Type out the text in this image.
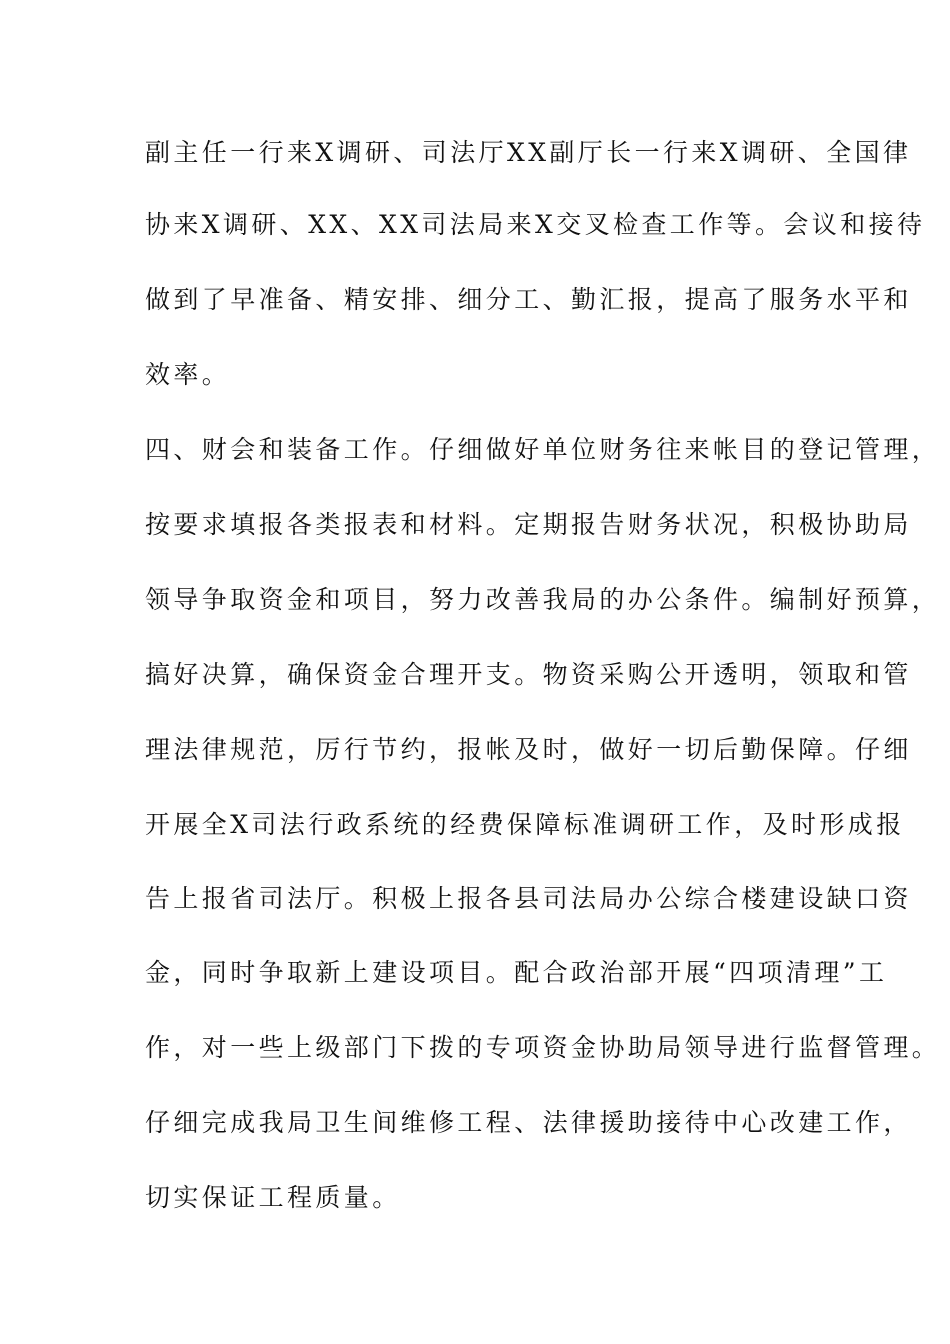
副主任一行来X调研、司法厅XX副厅长一行来X调研、全国律

协来X调研、XX、XX司法局来X交叉检查工作等。会议和接待

做到了早准备、精安排、细分工、勤汇报，提高了服务水平和

效率。

四、财会和装备工作。仔细做好单位财务往来帐目的登记管理，

按要求填报各类报表和材料。定期报告财务状况，积极协助局

领导争取资金和项目，努力改善我局的办公条件。编制好预算，

搞好决算，确保资金合理开支。物资采购公开透明，领取和管

理法律规范，厉行节约，报帐及时，做好一切后勤保障。仔细

开展全X司法行政系统的经费保障标准调研工作，及时形成报

告上报省司法厅。积极上报各县司法局办公综合楼建设缺口资

金，同时争取新上建设项目。配合政治部开展“四项清理”工

作，对一些上级部门下拨的专项资金协助局领导进行监督管理。

仔细完成我局卫生间维修工程、法律援助接待中心改建工作，

切实保证工程质量。
